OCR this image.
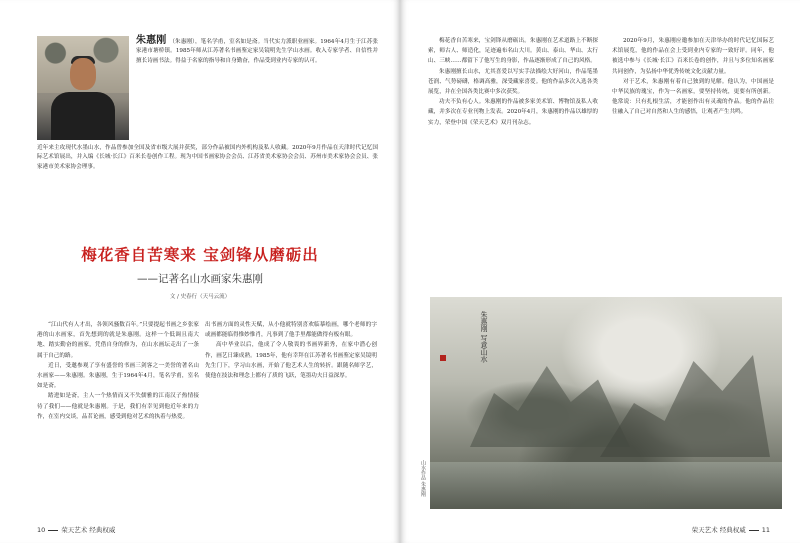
朱惠刚 （朱惠刚），笔名学甫，室名如是斋。当代实力派职业画家。1964年4月生于江苏张家港市塘桥镇。1985年师从江苏著名书画鉴定家吴镜明先生学山水画。收入专家学者、自信性并擅长诗画书法。得益于名家的指导和自身勤奋，作品受到业内专家的认可。
近年来主攻现代水墨山水，作品曾参加全国及省市级大展并获奖，部分作品被国内外机构及私人收藏。2020年9月作品在天津时代记忆国际艺术馆展出，并入编《长城·长江》百米长卷创作工程。现为中国书画家协会会员、江苏省美术家协会会员、苏州市美术家协会会员、张家港市美术家协会理事。
梅花香自苦寒来 宝剑锋从磨砺出
——记著名山水画家朱惠刚
文 / 史春行（天马云流）

“江山代有人才出，各领风骚数百年。”只要提起书画之乡张家港的山水画家，首先想到的就是朱惠刚。这样一个低调且南大地、踏实勤奋的画家，凭借自身的修为，在山水画坛走出了一条属于自己的路。

近日，受邀参观了享有盛誉的书画三剑客之一美誉的著名山水画家——朱惠刚。朱惠刚，生于1964年4月，笔名学甫，室名如是斋。

踏进如是斋，主人一个热情而又不失儒雅的江南汉子热情接待了我们——他就是朱惠刚。于是，我们有幸见到他近年来的力作，在室内交谈，品茗论画，感受到他对艺术的执着与热爱。

出书画方面的灵性天赋，从小他就特别喜欢临摹绘画，哪个老师的字或画都能临得惟妙惟肖，凡事到了他手里都能做得有板有眼。

高中毕业以后，他成了令人敬畏的书画界新秀，在家中潜心创作，画艺日臻成熟。1985年，他有幸拜在江苏著名书画鉴定家吴镜明先生门下，学习山水画，开始了他艺术人生的转折。跟随名师学艺，使他在技法和理念上都有了质的飞跃，笔墨功夫日益深厚。

10 荣天艺术 经典权威

梅花香自苦寒来，宝剑锋从磨砺出。朱惠刚在艺术道路上不断探索，师古人、师造化，足迹遍布名山大川。黄山、泰山、华山、太行山、三峡……都留下了他写生的身影，作品逐渐形成了自己的风格。

朱惠刚擅长山水，尤其喜爱以写实手法描绘大好河山，作品笔墨苍润、气势磅礴，格调高雅，深受藏家喜爱。他的作品多次入选各类展览，并在全国各类比赛中多次获奖。

功夫不负有心人。朱惠刚的作品被多家美术馆、博物馆及私人收藏，并多次在专业刊物上发表。2020年4月，朱惠刚的作品以雄厚的实力，荣登中国《荣天艺术》双月刊杂志。

2020年9月，朱惠刚应邀参加在天津举办的时代记忆国际艺术馆展览，他的作品在会上受到业内专家的一致好评。同年，他被选中参与《长城·长江》百米长卷的创作，并且与多位知名画家共同创作，为弘扬中华优秀传统文化贡献力量。

对于艺术，朱惠刚有着自己独到的见解。他认为，中国画是中华民族的瑰宝，作为一名画家，要坚持传统，更要有所创新。他常说：只有扎根生活，才能创作出有灵魂的作品。他的作品往往融入了自己对自然和人生的感悟，让观者产生共鸣。

朱惠刚 写意山水
山水作品 朱惠刚
荣天艺术 经典权威 11
